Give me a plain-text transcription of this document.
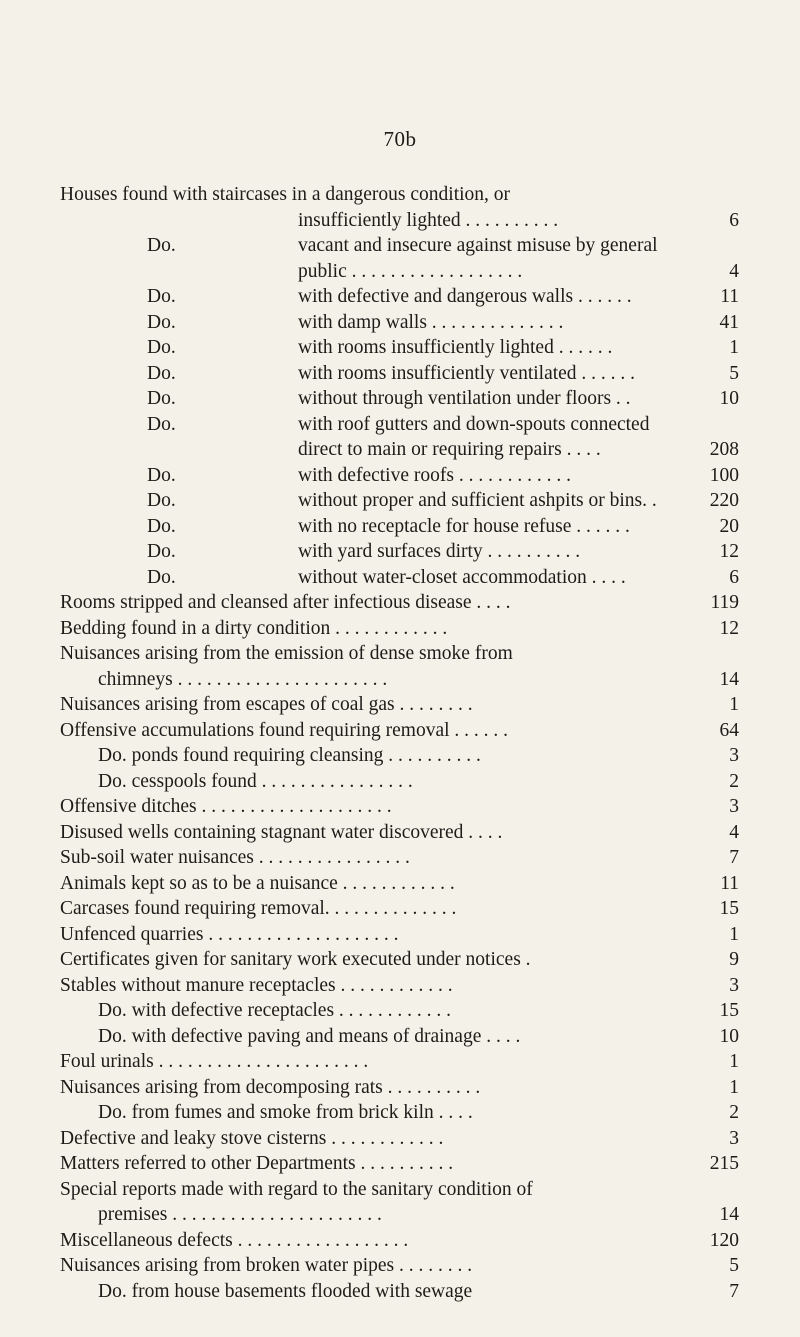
70b
Houses found with staircases in a dangerous condition, or
insufficiently lighted . . . . . . . . . .	6
Do.	vacant and insecure against misuse by general
public . . . . . . . . . . . . . . . . . .	4
Do.	with defective and dangerous walls . . . . . .	11
Do.	with damp walls . . . . . . . . . . . . . .	41
Do.	with rooms insufficiently lighted . . . . . .	1
Do.	with rooms insufficiently ventilated . . . . . .	5
Do.	without through ventilation under floors . .	10
Do.	with roof gutters and down-spouts connected
direct to main or requiring repairs . . . .	208
Do.	with defective roofs . . . . . . . . . . . .	100
Do.	without proper and sufficient ashpits or bins. .	220
Do.	with no receptacle for house refuse . . . . . .	20
Do.	with yard surfaces dirty . . . . . . . . . .	12
Do.	without water-closet accommodation . . . .	6
Rooms stripped and cleansed after infectious disease . . . .	119
Bedding found in a dirty condition . . . . . . . . . . . .	12
Nuisances arising from the emission of dense smoke from
chimneys . . . . . . . . . . . . . . . . . . . . . .	14
Nuisances arising from escapes of coal gas . . . . . . . .	1
Offensive accumulations found requiring removal . . . . . .	64
Do. ponds found requiring cleansing . . . . . . . . . .	3
Do. cesspools found . . . . . . . . . . . . . . . .	2
Offensive ditches . . . . . . . . . . . . . . . . . . . .	3
Disused wells containing stagnant water discovered . . . .	4
Sub-soil water nuisances . . . . . . . . . . . . . . . .	7
Animals kept so as to be a nuisance . . . . . . . . . . . .	11
Carcases found requiring removal. . . . . . . . . . . . . .	15
Unfenced quarries . . . . . . . . . . . . . . . . . . . .	1
Certificates given for sanitary work executed under notices .	9
Stables without manure receptacles . . . . . . . . . . . .	3
Do. with defective receptacles . . . . . . . . . . . .	15
Do. with defective paving and means of drainage . . . .	10
Foul urinals . . . . . . . . . . . . . . . . . . . . . .	1
Nuisances arising from decomposing rats . . . . . . . . . .	1
Do. from fumes and smoke from brick kiln . . . .	2
Defective and leaky stove cisterns . . . . . . . . . . . .	3
Matters referred to other Departments . . . . . . . . . .	215
Special reports made with regard to the sanitary condition of
premises . . . . . . . . . . . . . . . . . . . . . .	14
Miscellaneous defects . . . . . . . . . . . . . . . . . .	120
Nuisances arising from broken water pipes . . . . . . . .	5
Do. from house basements flooded with sewage	7
